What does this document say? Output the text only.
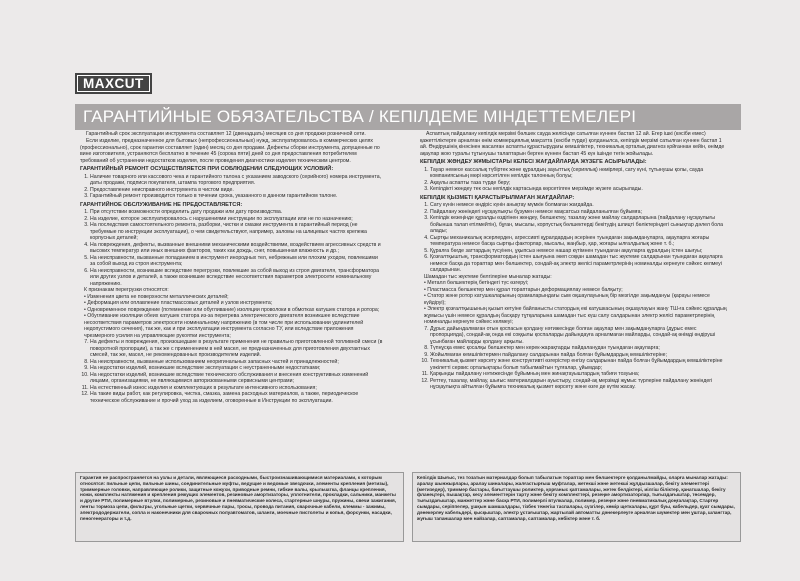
MAXCUT
ГАРАНТИЙНЫЕ ОБЯЗАТЕЛЬСТВА / КЕПІЛДЕМЕ МІНДЕТТЕМЕЛЕРІ

Гарантийный срок эксплуатации инструмента составляет 12 (двенадцать) месяцев со дня продажи розничной сети.

Если изделие, предназначенное для бытовых (непрофессиональных) нужд, эксплуатировалось в коммерческих целях (профессионально), срок гарантии составляет (один) месяц со дня продажи. Дефекты сборки инструмента, допущенные по вине изготовителя, устраняются бесплатно в течение 45 (сорока пяти) дней со дня предоставления потребителем требований об устранении недостатков изделия, после проведения диагностики изделия техническим центром.

ГАРАНТИЙНЫЙ РЕМОНТ ОСУЩЕСТВЛЯЕТСЯ ПРИ СОБЛЮДЕНИИ СЛЕДУЮЩИХ УСЛОВИЙ:
1. Наличие товарного или кассового чека и гарантийного талона с указанием заводского (серийного) номера инструмента, даты продажи, подписи покупателя, штампа торгового предприятия.
2. Предоставление неисправного инструмента в чистом виде.
3. Гарантийный ремонт производится только в течении срока, указанного в данном гарантийном талоне.
ГАРАНТИЙНОЕ ОБСЛУЖИВАНИЕ НЕ ПРЕДОСТАВЛЯЕТСЯ:
1. При отсутствии возможности определить дату продажи или дату производства.
2. На изделие, которое эксплуатировалось с нарушениями инструкции по эксплуатации или не по назначению;
3. На последствия самостоятельного ремонта, разборки, чистки и смазки инструмента в гарантийный период (не требуемые по инструкции эксплуатации), о чем свидетельствуют, например, заломы на шлицевых частях крепежа корпусных деталей;
4. На повреждения, дефекты, вызванные внешними механическими воздействиями, воздействием агрессивных средств и высоких температур или иных внешних факторов, таких как дождь, снег, повышенная влажность и др.;
5. На неисправности, вызванные попаданием в инструмент инородных тел, небрежным или плохим уходом, повлекшими за собой выход из строя инструмента;
6. На неисправности, возникшие вследствие перегрузки, повлекшие за собой выход из строя двигателя, трансформатора или других узлов и деталей, а также возникшие вследствие несоответствия параметров электросети номинальному напряжению.
К признакам перегрузки относятся:
• Изменения цвета не поверхности металлических деталей;
• Деформация или оплавление пластмассовых деталей и узлов инструмента;
• Одновременное повреждение (потемнение или обугливание) изоляции проволоки в обмотках катушек статора и ротора;
• Обугливание изоляции обеих катушек статора из-за перегрева электрического двигателя возникшее вследствие несоответствия параметров электросети номинальному напряжению (в том числе при использовании удлинителей недопустимого сечения), так же, как и при эксплуатации инструмента согласно ТУ, или вследствие приложения чрезмерного усилия на управляющие рукоятки инструмента;
7. На дефекты и повреждения, произошедшие в результате применения не правильно приготовленной топливной смеси (в поворотной пропорции), а так же с применением в ней масел, не предназначенных для приготовления двухтактных смесей, так же, масел, не рекомендованных производителем изделий.
8. На неисправности, вызванные использованием неоригинальных запасных частей и принадлежностей;
9. На недостатки изделий, возникшие вследствие эксплуатации с неустраненными недостатками;
10. На недостатки изделий, возникшие вследствие технического обслуживания и внесения конструктивных изменений лицами, организациями, не являющимися авторизованными сервисными центрами;
11. На естественный износ изделия и комплектующих в результате интенсивного использования;
12. На такие виды работ, как регулировка, чистка, смазка, замена расходных материалов, а также, периодическое техническое обслуживание и прочий уход за изделием, оговоренные в Инструкции по эксплуатации.

Аспаптың пайдалану кепілдік мерзімі бөлшек сауда желісінде сатылған күннен бастап 12 ай. Егер ішкі (кәсіби емес) қажеттіліктерге арналған өнім коммерциялық мақсатта (кәсіби түрде) қолданылса, кепілдік мерзімі сатылған күннен бастап 1 ай. Өндірушінің кінәсінен жасалған аспапты құрастырудағы кемшіліктер, техникалық орталық диагноз қойғаннан кейін, өнімде ақаулар жою туралы тұтынушы талаптарын берген күннен бастап 45 күн ішінде тегін жойылады.

КЕПІЛДІК ЖӨНДЕУ ЖҰМЫСТАРЫ КЕЛЕСІ ЖАҒДАЙЛАРДА ЖҮЗЕГЕ АСЫРЫЛАДЫ:
1. Тауар немесе кассалық түбіртек және құралдың зауыттық (сериялық) нөмірлері, сату күні, тұтынушы қолы, сауда компаниясының мөрі көрсетілген кепілдік талонның болуы;
2. Ақаулы аспапты таза түрде беру;
3. Кепілдікті жөндеу тек осы кепілдік картасында көрсетілген мерзімде жүзеге асырылады.
КЕПІЛДІК ҚЫЗМЕТІ ҚАРАСТЫРЫЛМАҒАН ЖАҒДАЙЛАР:
1. Сату күнін немесе өндіріс күнін анықтау мүмкін болмаған жағдайда.
2. Пайдалану жөніндегі нұсқаулықты бұзумен немесе мақсатсыз пайдаланылған бұйымға;
3. Кепілдік кезеңінде құралды өздігінен жөндеу, бөлшектеу, тазалау және майлау салдарларына (пайдалану нұсқаулығы бойынша талап етілмейтін), бұған, мысалы, корпустық бөлшектерді бекітудің шлицті бөліктеріндегі сынықтар дәлел бола алады;
4. Сыртқы механикалық әсерлерден, агрессивті құралдардың әсерінен туындаған зақымдануларға, ақауларға жоғары температура немесе басқа сыртқы факторлар, мысалы, жаңбыр, қар, жоғары ылғалдылық және т. б.;
5. Құралға бөгде заттардың түсуінен, ұқыпсыз немесе нашар күтімнен туындаған ақауларға құралдың істен шығуы;
6. Қозғалтқыштың, трансформатордың істен шығуына әкеп соққан шамадан тыс жүктеме салдарынан туындаған ақауларға немесе басқа да тораптар мен бөлшектер, сондай-ақ электр желісі параметрлерінің номиналды кернеуге сәйкес келмеуі салдарынан.
Шамадан тыс жүктеме белгілеріне мыналар жатады:
• Металл бөлшектерің бетіндегі түс өзгеруі;
• Пластмасса бөлшектер мен құрал тораптарын деформациялау немесе балқыту;
• Статор және ротор катушкаларының орамаларындағы сым оқшаулауының бір мезгілде зақымдануы (қарауы немесе күйдіруі);
• Электр қозғалтқышының қызып кетуіне байланысты статордың екі катушкасының оқшаулауын жану ТШ-ға сәйкес құралдың жұмысы үшін немесе құралдың басқару тұтқаларына шамадан тыс күш салу салдарынан электр желісі параметрлерінің номиналды кернеуге сәйкес келмеуі;
7. Дұрыс дайындалмаған отын қоспасын қолдану нәтижесінде болған ақаулар мен зақымдануларға (дұрыс емес пропорцияда), сондай-ақ онда екі соққылы қоспаларды дайындауға арналмаған майларды, сондай-ақ өнімді өндіруші ұсынбаған майларды қолдану арқылы.
8. Түпнұсқа емес қосалқы бөлшектер мен керек-жарақтарды пайдаланудан туындаған ақауларға;
9. Жойылмаған кемшіліктермен пайдалану салдарынан пайда болған бұйымдардың кемшіліктеріне;
10. Техникалық қызмет көрсету және конструктивті өзгерістер енгізу салдарынан пайда болған бұйымдардың кемшіліктеріне уәкілетті сервис орталықтары болып табылмайтын тұлғалар, ұйымдар;
11. Қарқынды пайдалану нәтижесінде бұйымның мен жинақтауыштардың табиғи тозуына;
12. Реттеу, тазалау, майлау, шығыс материалдарын ауыстыру, сондай-ақ мерзімді жұмыс түрлеріне пайдалану жөніндегі нұсқаулықта айтылған бұйымға техникалық қызмет көрсету және өзге де күтім жасау.
Гарантия не распространяется на узлы и детали, являющиеся расходными, быстроизнашивающимися материалами, к которым относятся: пильные цепи, пильные шины, соединительные муфты, ведущие и ведомые звездочки, элементы крепления (метизы), триммерные головки, направляющие ролики, защитные кожухи, приводные ремни, гибкие валы, крыльчатка, фланцы крепления, ножи, комплекты натяжения и крепления режущих элементов, резиновые амортизаторы, уплотнители, прокладки, сальники, манжеты и другие РТИ, полимерные втулки, полимерные, резиновые и пневматические колеса, стартерные шнуры, пружины, свечи зажигания, ленты тормоза цепи, фильтры, угольные щетки, червячные пары, тросы, провода питания, сварочные кабели, клеммы - зажимы, электрододержатели, сопла и наконечники для сварочных полуавтоматов, шланги, моечные пистолеты и копья, форсунки, насадки, пеногенераторы и т.д.
Кепілдік Шығыс, тез тозатын материалдар болып табылатын тораптар мен бөлшектерге қолданылмайды, оларға мыналар жатады: аралау шынжырлары, аралау шиналары, жалғастырғыш муфталар, жетекші және жетекші жұлдызшалар, бекіту элементтері (метизедер), триммер бастары, бағыттаушы роликтер, қорғаныс қаптамалары, жетек белдіктері, иілгіш біліктер, қанатшалар, бекіту фланецтері, пышақтар, кесу элементтерін тарту және бекіту комплекттері, резеңке амортизаторлар, тығыздағыштар, төсемдер, тығыздағыштар, манжеттер және басқа РТИ, полимерлі втулкалар, полимер, резеңке және пневматикалық доңғалақтар, Стартер сымдары, серіппелер, ұшқын шамшалдары, тізбек тежегіш таспалары, сүзгілер, көмір щеткалары, құрт буы, кабельдер, қуат сымдары, дәнекерлеу кабельдері, қысқыштар, электр ұстағыштар, жартылай автоматты дәнекерлеуге арналған шүмектер мен ұштар, шлангтар, жуғыш тапаншалар мен найзалар, саптамалар, саптамалар, көбіктер және т. б.
